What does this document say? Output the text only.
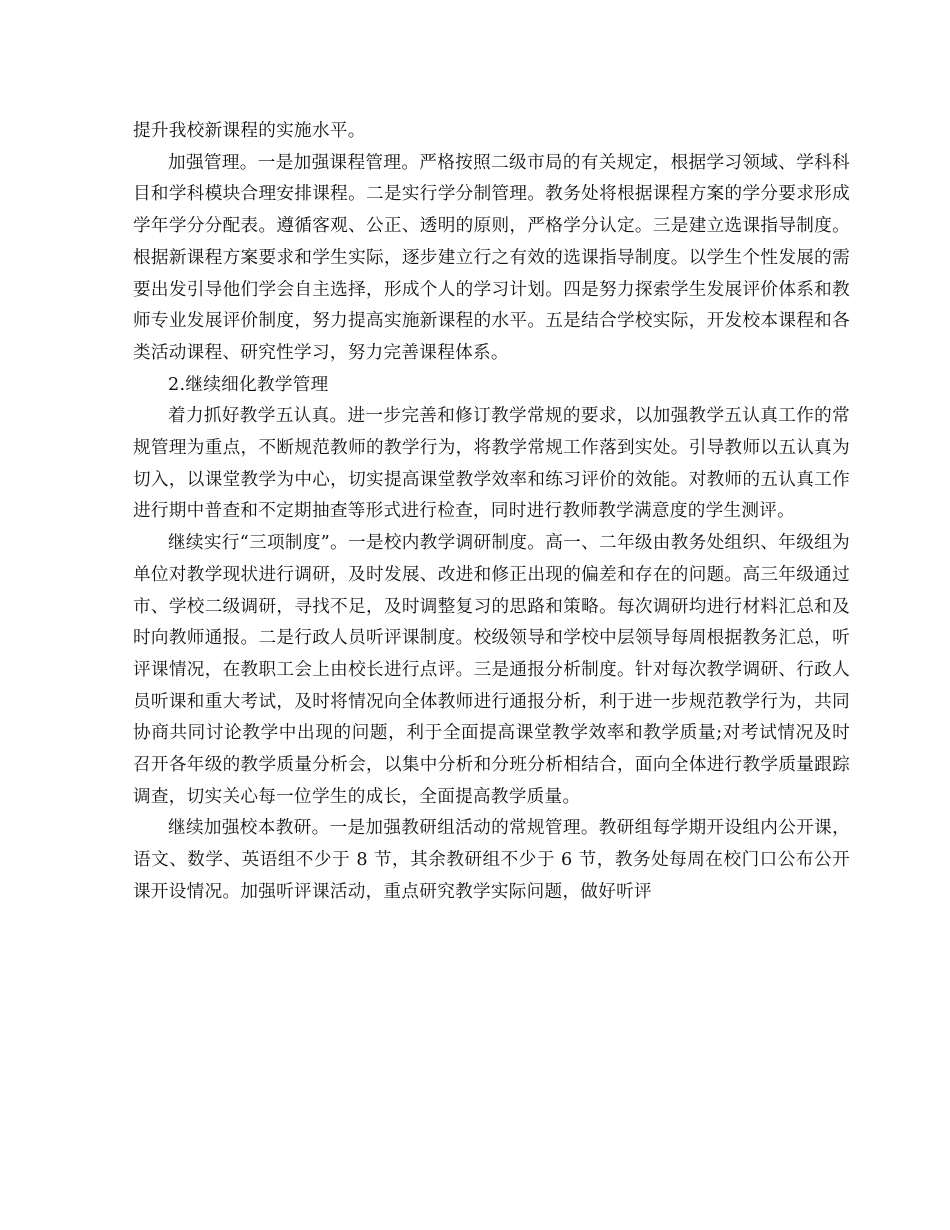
提升我校新课程的实施水平。

加强管理。一是加强课程管理。严格按照二级市局的有关规定，根据学习领域、学科科目和学科模块合理安排课程。二是实行学分制管理。教务处将根据课程方案的学分要求形成学年学分分配表。遵循客观、公正、透明的原则，严格学分认定。三是建立选课指导制度。根据新课程方案要求和学生实际，逐步建立行之有效的选课指导制度。以学生个性发展的需要出发引导他们学会自主选择，形成个人的学习计划。四是努力探索学生发展评价体系和教师专业发展评价制度，努力提高实施新课程的水平。五是结合学校实际，开发校本课程和各类活动课程、研究性学习，努力完善课程体系。

2.继续细化教学管理

着力抓好教学五认真。进一步完善和修订教学常规的要求，以加强教学五认真工作的常规管理为重点，不断规范教师的教学行为，将教学常规工作落到实处。引导教师以五认真为切入，以课堂教学为中心，切实提高课堂教学效率和练习评价的效能。对教师的五认真工作进行期中普查和不定期抽查等形式进行检查，同时进行教师教学满意度的学生测评。

继续实行“三项制度”。一是校内教学调研制度。高一、二年级由教务处组织、年级组为单位对教学现状进行调研，及时发展、改进和修正出现的偏差和存在的问题。高三年级通过市、学校二级调研，寻找不足，及时调整复习的思路和策略。每次调研均进行材料汇总和及时向教师通报。二是行政人员听评课制度。校级领导和学校中层领导每周根据教务汇总，听评课情况，在教职工会上由校长进行点评。三是通报分析制度。针对每次教学调研、行政人员听课和重大考试，及时将情况向全体教师进行通报分析，利于进一步规范教学行为，共同协商共同讨论教学中出现的问题，利于全面提高课堂教学效率和教学质量;对考试情况及时召开各年级的教学质量分析会，以集中分析和分班分析相结合，面向全体进行教学质量跟踪调查，切实关心每一位学生的成长，全面提高教学质量。

继续加强校本教研。一是加强教研组活动的常规管理。教研组每学期开设组内公开课，语文、数学、英语组不少于 8 节，其余教研组不少于 6 节，教务处每周在校门口公布公开课开设情况。加强听评课活动，重点研究教学实际问题，做好听评
